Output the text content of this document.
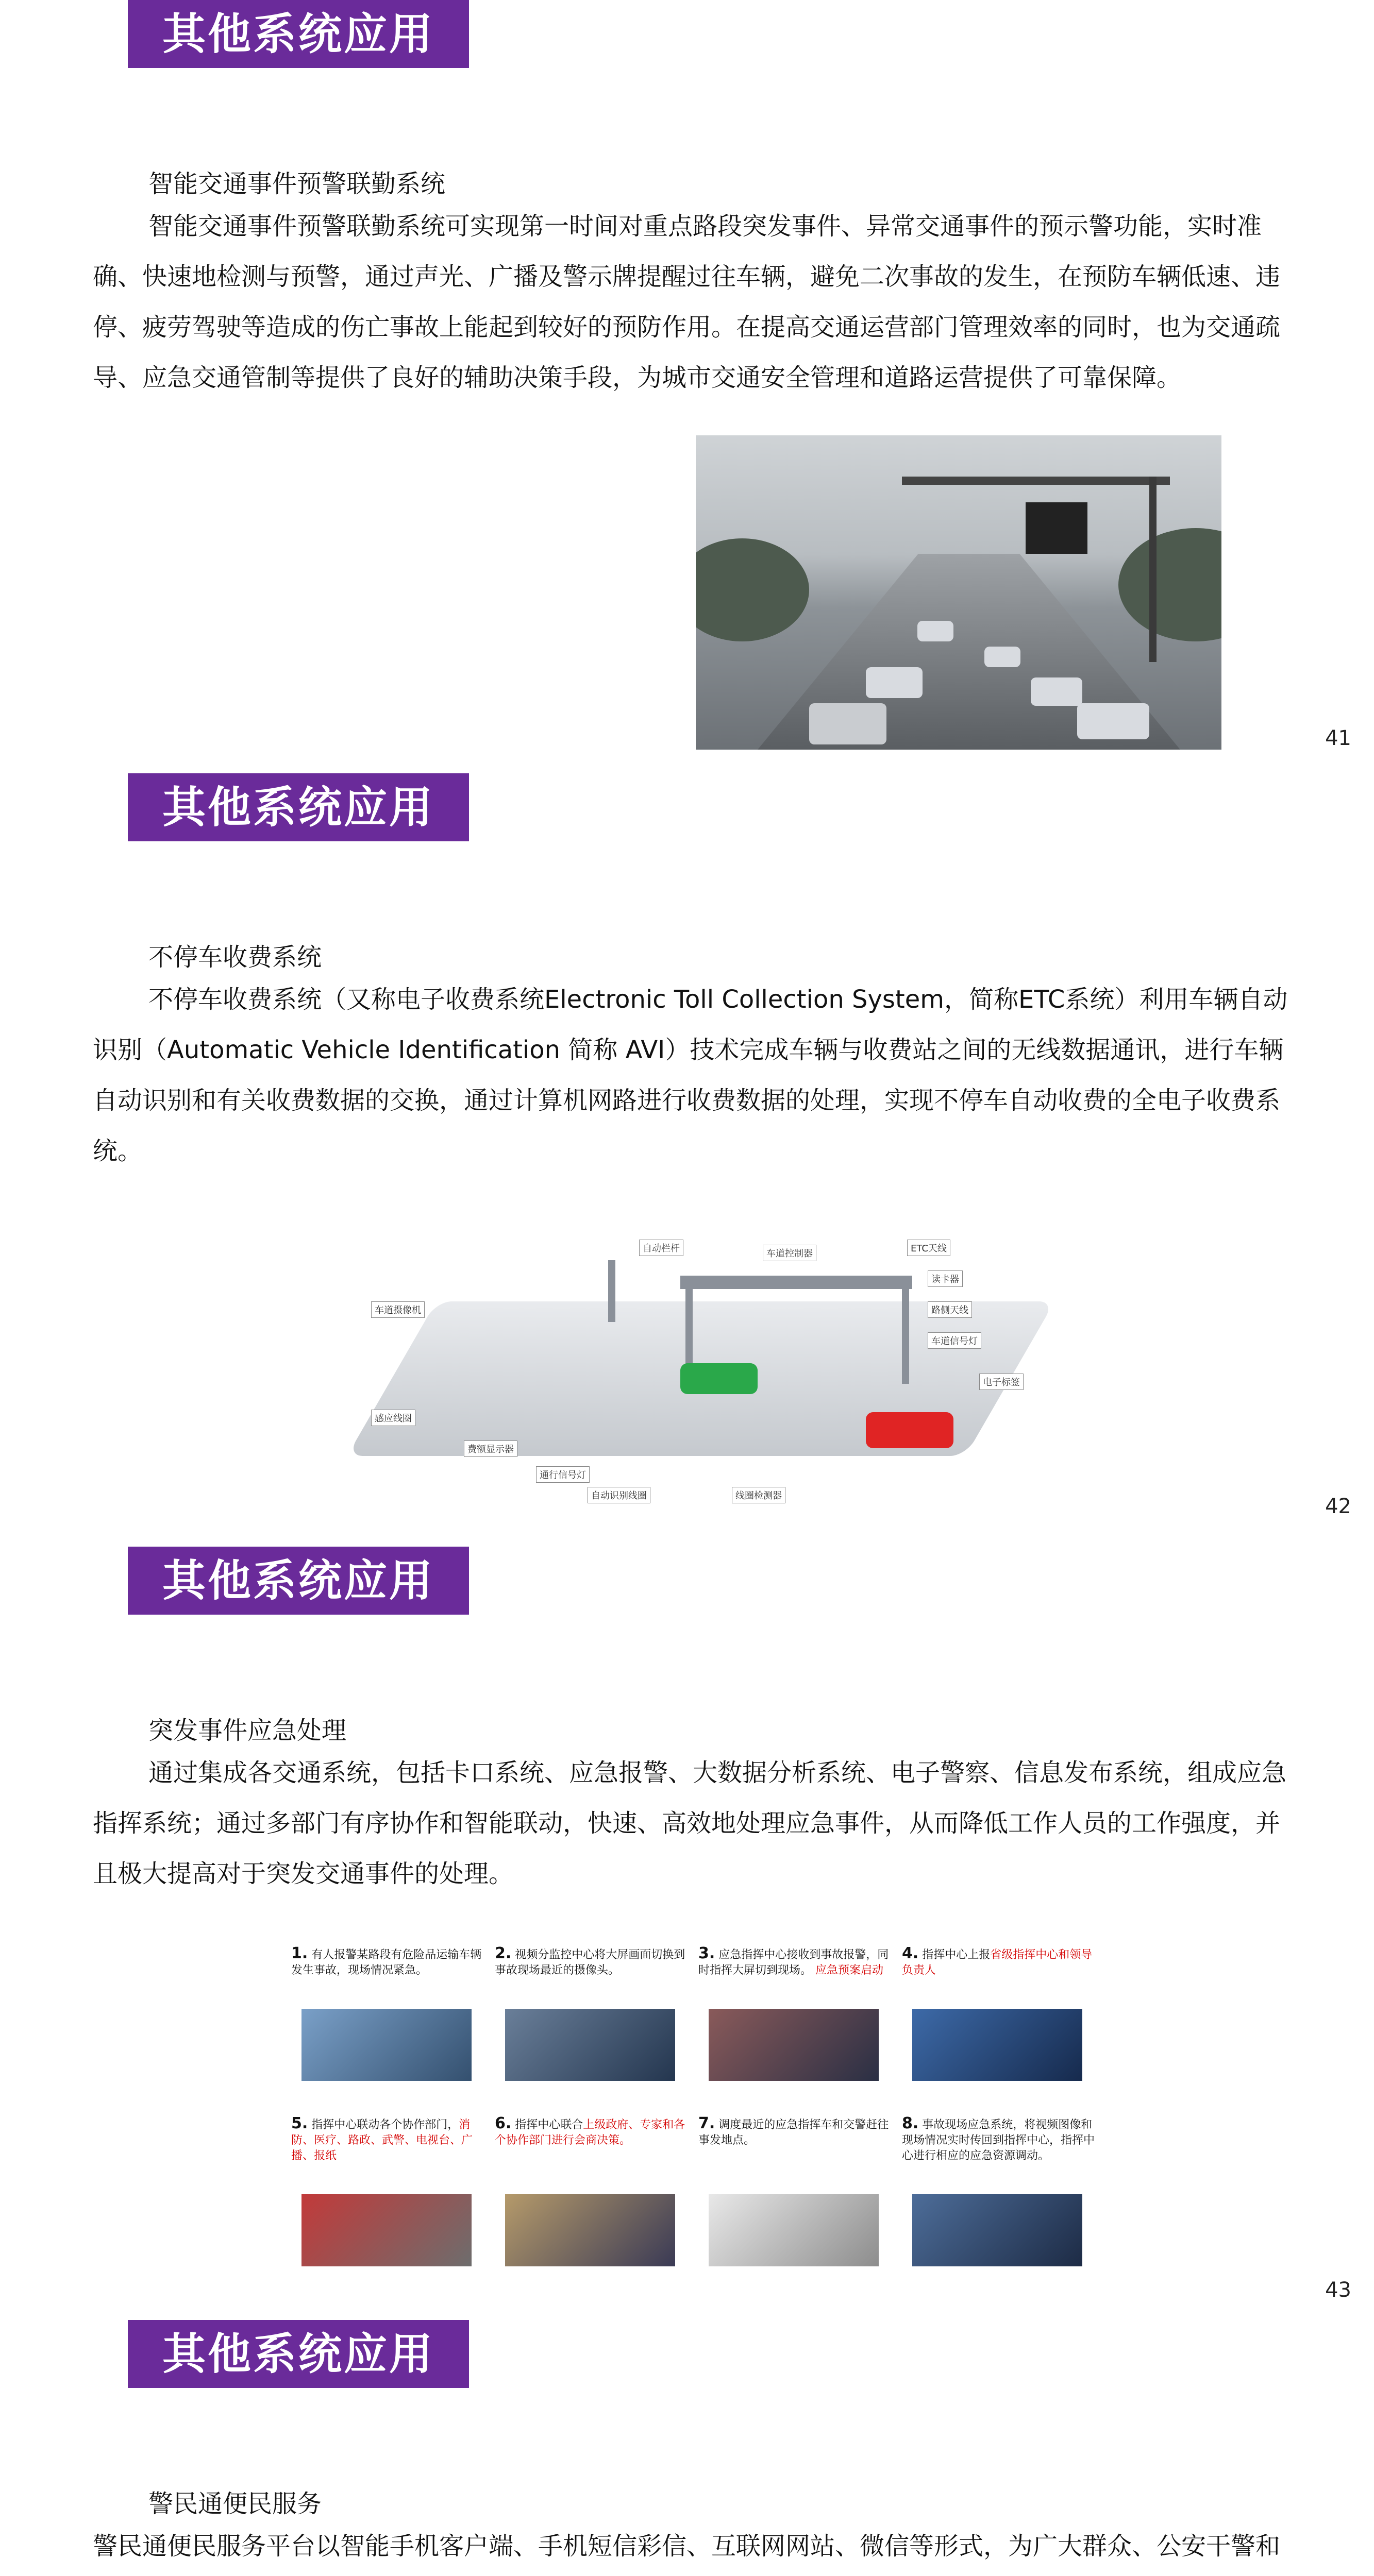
其他系统应用
智能交通事件预警联勤系统
智能交通事件预警联勤系统可实现第一时间对重点路段突发事件、异常交通事件的预示警功能，实时准确、快速地检测与预警，通过声光、广播及警示牌提醒过往车辆，避免二次事故的发生，在预防车辆低速、违停、疲劳驾驶等造成的伤亡事故上能起到较好的预防作用。在提高交通运营部门管理效率的同时，也为交通疏导、应急交通管制等提供了良好的辅助决策手段，为城市交通安全管理和道路运营提供了可靠保障。
41
其他系统应用
不停车收费系统
不停车收费系统（又称电子收费系统Electronic Toll Collection System，简称ETC系统）利用车辆自动识别（Automatic Vehicle Identification 简称 AVI）技术完成车辆与收费站之间的无线数据通讯，进行车辆自动识别和有关收费数据的交换，通过计算机网路进行收费数据的处理，实现不停车自动收费的全电子收费系统。
自动栏杆	车道控制器	ETC天线
读卡器
路侧天线
车道信号灯
电子标签
车道摄像机
感应线圈
费额显示器
通行信号灯
自动识别线圈	线圈检测器	42
其他系统应用
突发事件应急处理
通过集成各交通系统，包括卡口系统、应急报警、大数据分析系统、电子警察、信息发布系统，组成应急指挥系统；通过多部门有序协作和智能联动，快速、高效地处理应急事件，从而降低工作人员的工作强度，并且极大提高对于突发交通事件的处理。
1. 有人报警某路段有危险品运输车辆发生事故，现场情况紧急。
2. 视频分监控中心将大屏画面切换到事故现场最近的摄像头。
3. 应急指挥中心接收到事故报警，同时指挥大屏切到现场。 应急预案启动
4. 指挥中心上报省级指挥中心和领导负责人
5. 指挥中心联动各个协作部门，消防、医疗、路政、武警、电视台、广播、报纸
6. 指挥中心联合上级政府、专家和各个协作部门进行会商决策。
7. 调度最近的应急指挥车和交警赶往事发地点。
8. 事故现场应急系统，将视频图像和现场情况实时传回到指挥中心，指挥中心进行相应的应急资源调动。
43
其他系统应用
警民通便民服务
警民通便民服务平台以智能手机客户端、手机短信彩信、互联网网站、微信等形式，为广大群众、公安干警和
